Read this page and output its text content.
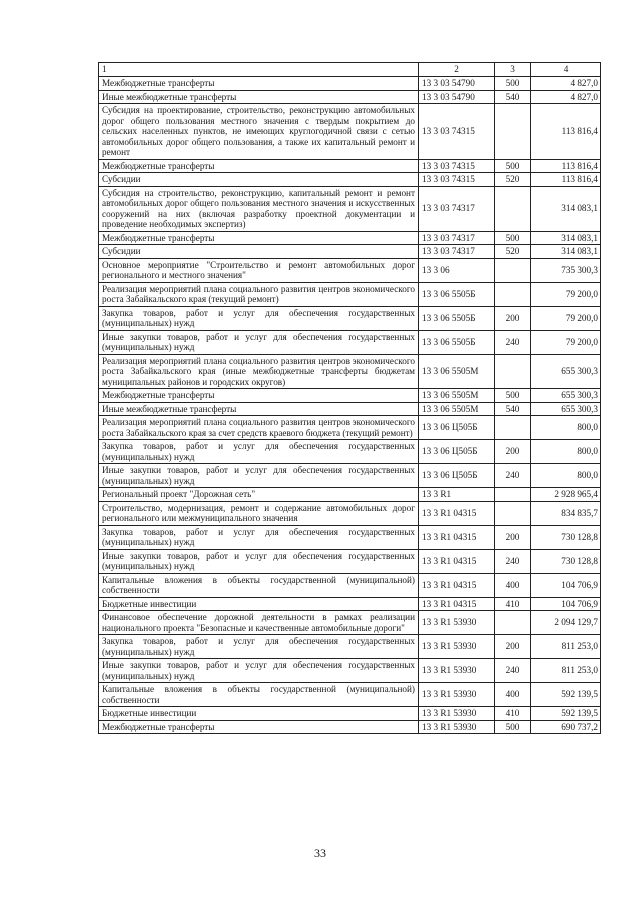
1	2	3	4
Межбюджетные трансферты	13 3 03 54790	500	4 827,0
Иные межбюджетные трансферты	13 3 03 54790	540	4 827,0
Субсидия на проектирование, строительство, реконструкцию автомобильных дорог общего пользования местного значения с твердым покрытием до сельских населенных пунктов, не имеющих круглогодичной связи с сетью автомобильных дорог общего пользования, а также их капитальный ремонт и ремонт	13 3 03 74315		113 816,4
Межбюджетные трансферты	13 3 03 74315	500	113 816,4
Субсидии	13 3 03 74315	520	113 816,4
Субсидия на строительство, реконструкцию, капитальный ремонт и ремонт автомобильных дорог общего пользования местного значения и искусственных сооружений на них (включая разработку проектной документации и проведение необходимых экспертиз)	13 3 03 74317		314 083,1
Межбюджетные трансферты	13 3 03 74317	500	314 083,1
Субсидии	13 3 03 74317	520	314 083,1
Основное мероприятие "Строительство и ремонт автомобильных дорог регионального и местного значения"	13 3 06		735 300,3
Реализация мероприятий плана социального развития центров экономического роста Забайкальского края (текущий ремонт)	13 3 06 5505Б		79 200,0
Закупка товаров, работ и услуг для обеспечения государственных (муниципальных) нужд	13 3 06 5505Б	200	79 200,0
Иные закупки товаров, работ и услуг для обеспечения государственных (муниципальных) нужд	13 3 06 5505Б	240	79 200,0
Реализация мероприятий плана социального развития центров экономического роста Забайкальского края (иные межбюджетные трансферты бюджетам муниципальных районов и городских округов)	13 3 06 5505М		655 300,3
Межбюджетные трансферты	13 3 06 5505М	500	655 300,3
Иные межбюджетные трансферты	13 3 06 5505М	540	655 300,3
Реализация мероприятий плана социального развития центров экономического роста Забайкальского края за счет средств краевого бюджета (текущий ремонт)	13 3 06 Ц505Б		800,0
Закупка товаров, работ и услуг для обеспечения государственных (муниципальных) нужд	13 3 06 Ц505Б	200	800,0
Иные закупки товаров, работ и услуг для обеспечения государственных (муниципальных) нужд	13 3 06 Ц505Б	240	800,0
Региональный проект "Дорожная сеть"	13 3 R1		2 928 965,4
Строительство, модернизация, ремонт и содержание автомобильных дорог регионального или межмуниципального значения	13 3 R1 04315		834 835,7
Закупка товаров, работ и услуг для обеспечения государственных (муниципальных) нужд	13 3 R1 04315	200	730 128,8
Иные закупки товаров, работ и услуг для обеспечения государственных (муниципальных) нужд	13 3 R1 04315	240	730 128,8
Капитальные вложения в объекты государственной (муниципальной) собственности	13 3 R1 04315	400	104 706,9
Бюджетные инвестиции	13 3 R1 04315	410	104 706,9
Финансовое обеспечение дорожной деятельности в рамках реализации национального проекта "Безопасные и качественные автомобильные дороги"	13 3 R1 53930		2 094 129,7
Закупка товаров, работ и услуг для обеспечения государственных (муниципальных) нужд	13 3 R1 53930	200	811 253,0
Иные закупки товаров, работ и услуг для обеспечения государственных (муниципальных) нужд	13 3 R1 53930	240	811 253,0
Капитальные вложения в объекты государственной (муниципальной) собственности	13 3 R1 53930	400	592 139,5
Бюджетные инвестиции	13 3 R1 53930	410	592 139,5
Межбюджетные трансферты	13 3 R1 53930	500	690 737,2
33
